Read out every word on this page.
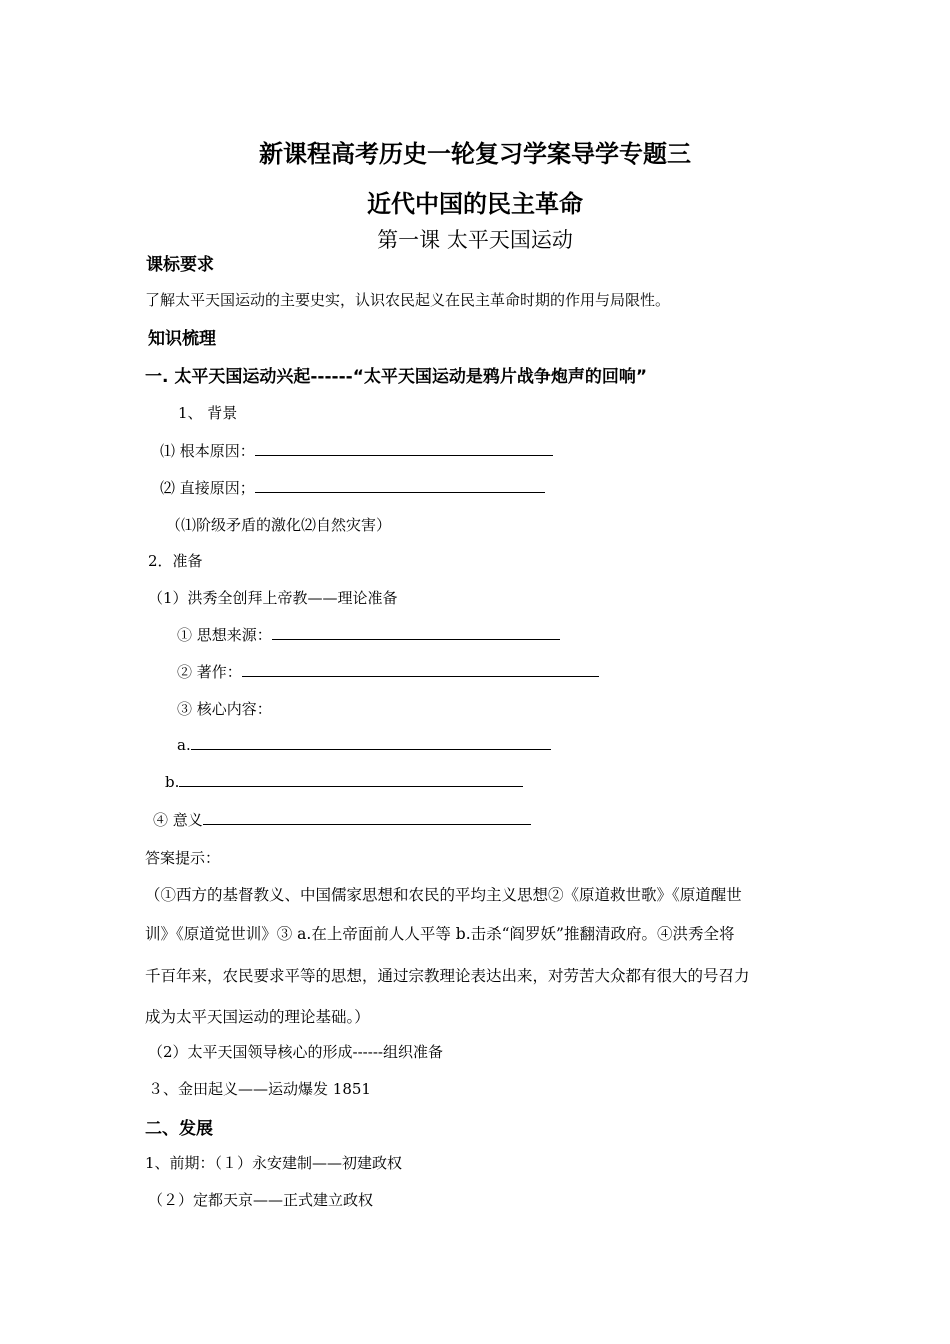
新课程高考历史一轮复习学案导学专题三
近代中国的民主革命
第一课 太平天国运动
课标要求
了解太平天国运动的主要史实，认识农民起义在民主革命时期的作用与局限性。
知识梳理
一. 太平天国运动兴起------“太平天国运动是鸦片战争炮声的回响”
1、 背景
⑴ 根本原因：
⑵ 直接原因；
（⑴阶级矛盾的激化⑵自然灾害）
2．准备
（1）洪秀全创拜上帝教——理论准备
① 思想来源：
② 著作：
③ 核心内容：
a.
b.
④ 意义
答案提示：
（①西方的基督教义、中国儒家思想和农民的平均主义思想②《原道救世歌》《原道醒世
训》《原道觉世训》③ a.在上帝面前人人平等 b.击杀“阎罗妖”推翻清政府。④洪秀全将
千百年来，农民要求平等的思想，通过宗教理论表达出来，对劳苦大众都有很大的号召力
成为太平天国运动的理论基础。）
（2）太平天国领导核心的形成------组织准备
３、金田起义——运动爆发 1851
二、发展
1、前期：（１）永安建制——初建政权
（２）定都天京——正式建立政权
